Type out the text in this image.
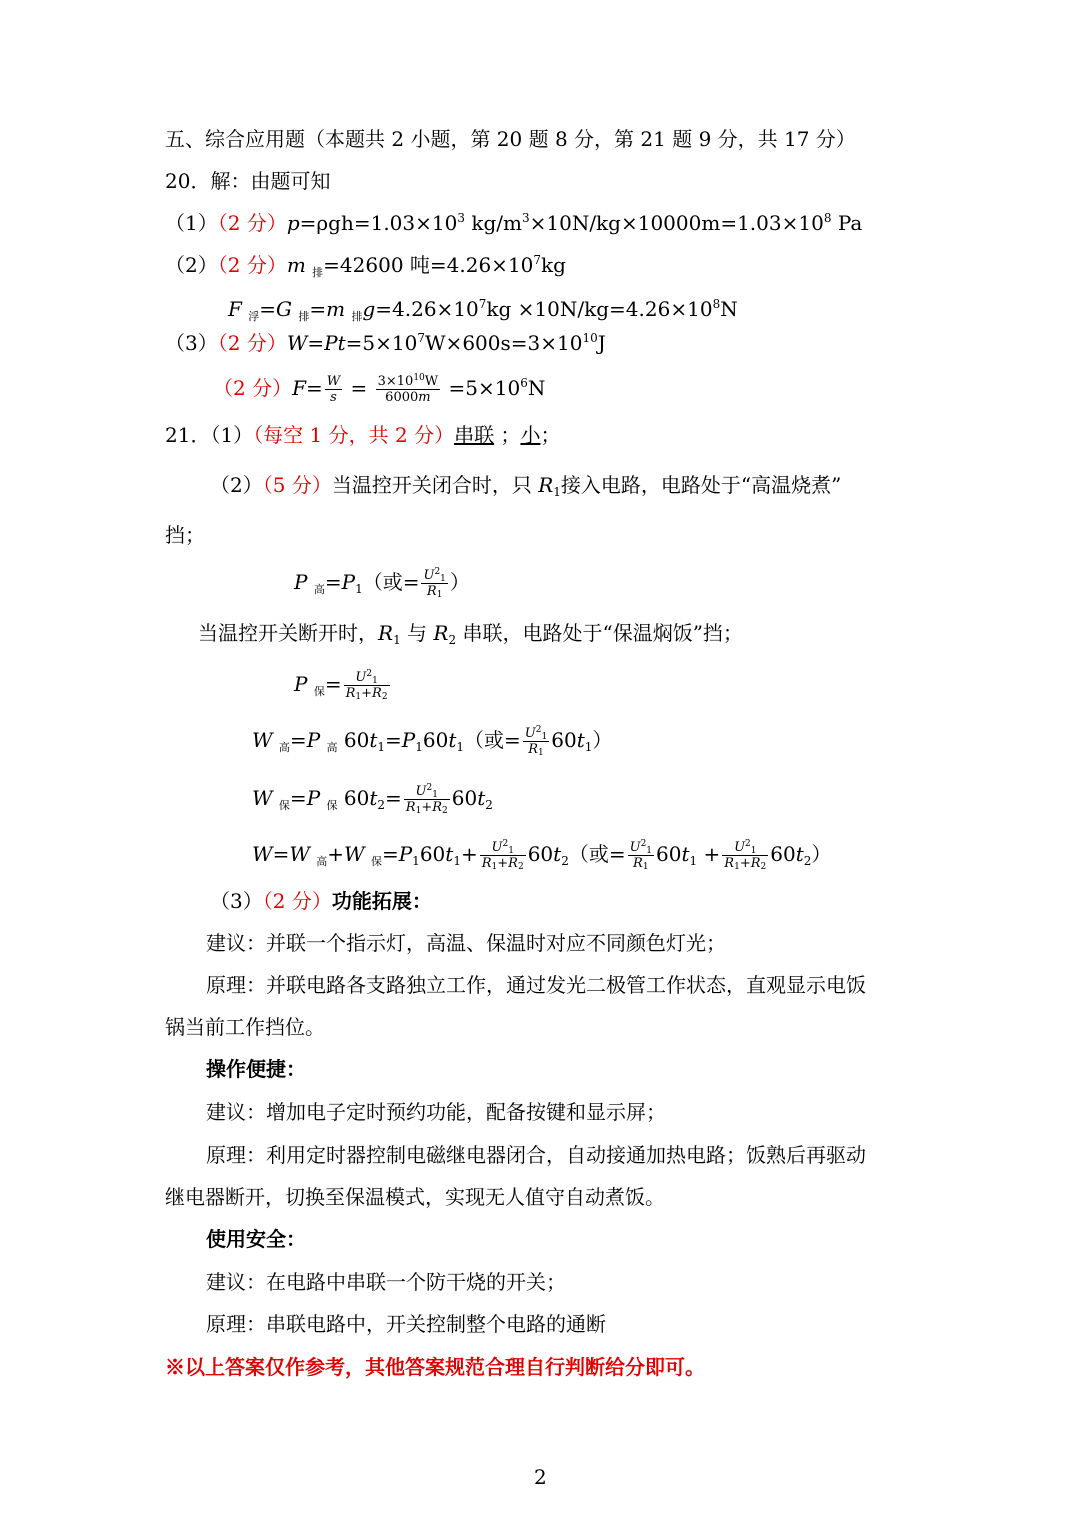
五、综合应用题（本题共 2 小题，第 20 题 8 分，第 21 题 9 分，共 17 分）
20．解：由题可知
（1）（2 分）$p=\rho gh=1.03\times 10^3$ $kg/m^3\times 10N/kg\times 10000m=1.03\times 10^8$ Pa
（2）（2 分）m $_排$=42600 吨$=4.26\times 10^7kg$
F $_浮$=G $_排$=m $_排g=4.26\times 10^7kg \times 10N/kg=4.26\times 10^8N$
（3）（2 分）$W=Pt=5\times 10^7W\times 600s=3\times 10^{10}J$
（2 分）$F= \frac{W}{s} = \frac{3\times 10^{10}W}{6000m} =5\times 10^6N$
21．（1）（每空 1 分，共 2 分）串联 ；小；
（2）（5 分）当温控开关闭合时，只 $R_1$接入电路，电路处于“高温烧煮”
挡；
P $_高=P_1$（或= $\frac{U^2_1}{R_1}$ ）
当温控开关断开时，$R_1$ 与 $R_2$ 串联，电路处于“保温焖饭”挡；
P $_保= \frac{U^2_1}{R_1+R_2}$
W $_高$=P $_高$ $60t_1=P_160t_1$（或= $\frac{U^2_1}{R_1} 60t_1$）
W $_保$=P $_保$ $60t_2= \frac{U^2_1}{R_1+R_2} 60t_2$
W=W $_高$+W $_保=P_160t_1+ \frac{U^2_1}{R_1+R_2} 60t_2$（或= $\frac{U^2_1}{R_1} 60t_1 + \frac{U^2_1}{R_1+R_2} 60t_2$）
（3）（2 分）功能拓展：
建议：并联一个指示灯，高温、保温时对应不同颜色灯光；
原理：并联电路各支路独立工作，通过发光二极管工作状态，直观显示电饭
锅当前工作挡位。
操作便捷：
建议：增加电子定时预约功能，配备按键和显示屏；
原理：利用定时器控制电磁继电器闭合，自动接通加热电路；饭熟后再驱动
继电器断开，切换至保温模式，实现无人值守自动煮饭。
使用安全：
建议：在电路中串联一个防干烧的开关；
原理：串联电路中，开关控制整个电路的通断
※以上答案仅作参考，其他答案规范合理自行判断给分即可。
2
